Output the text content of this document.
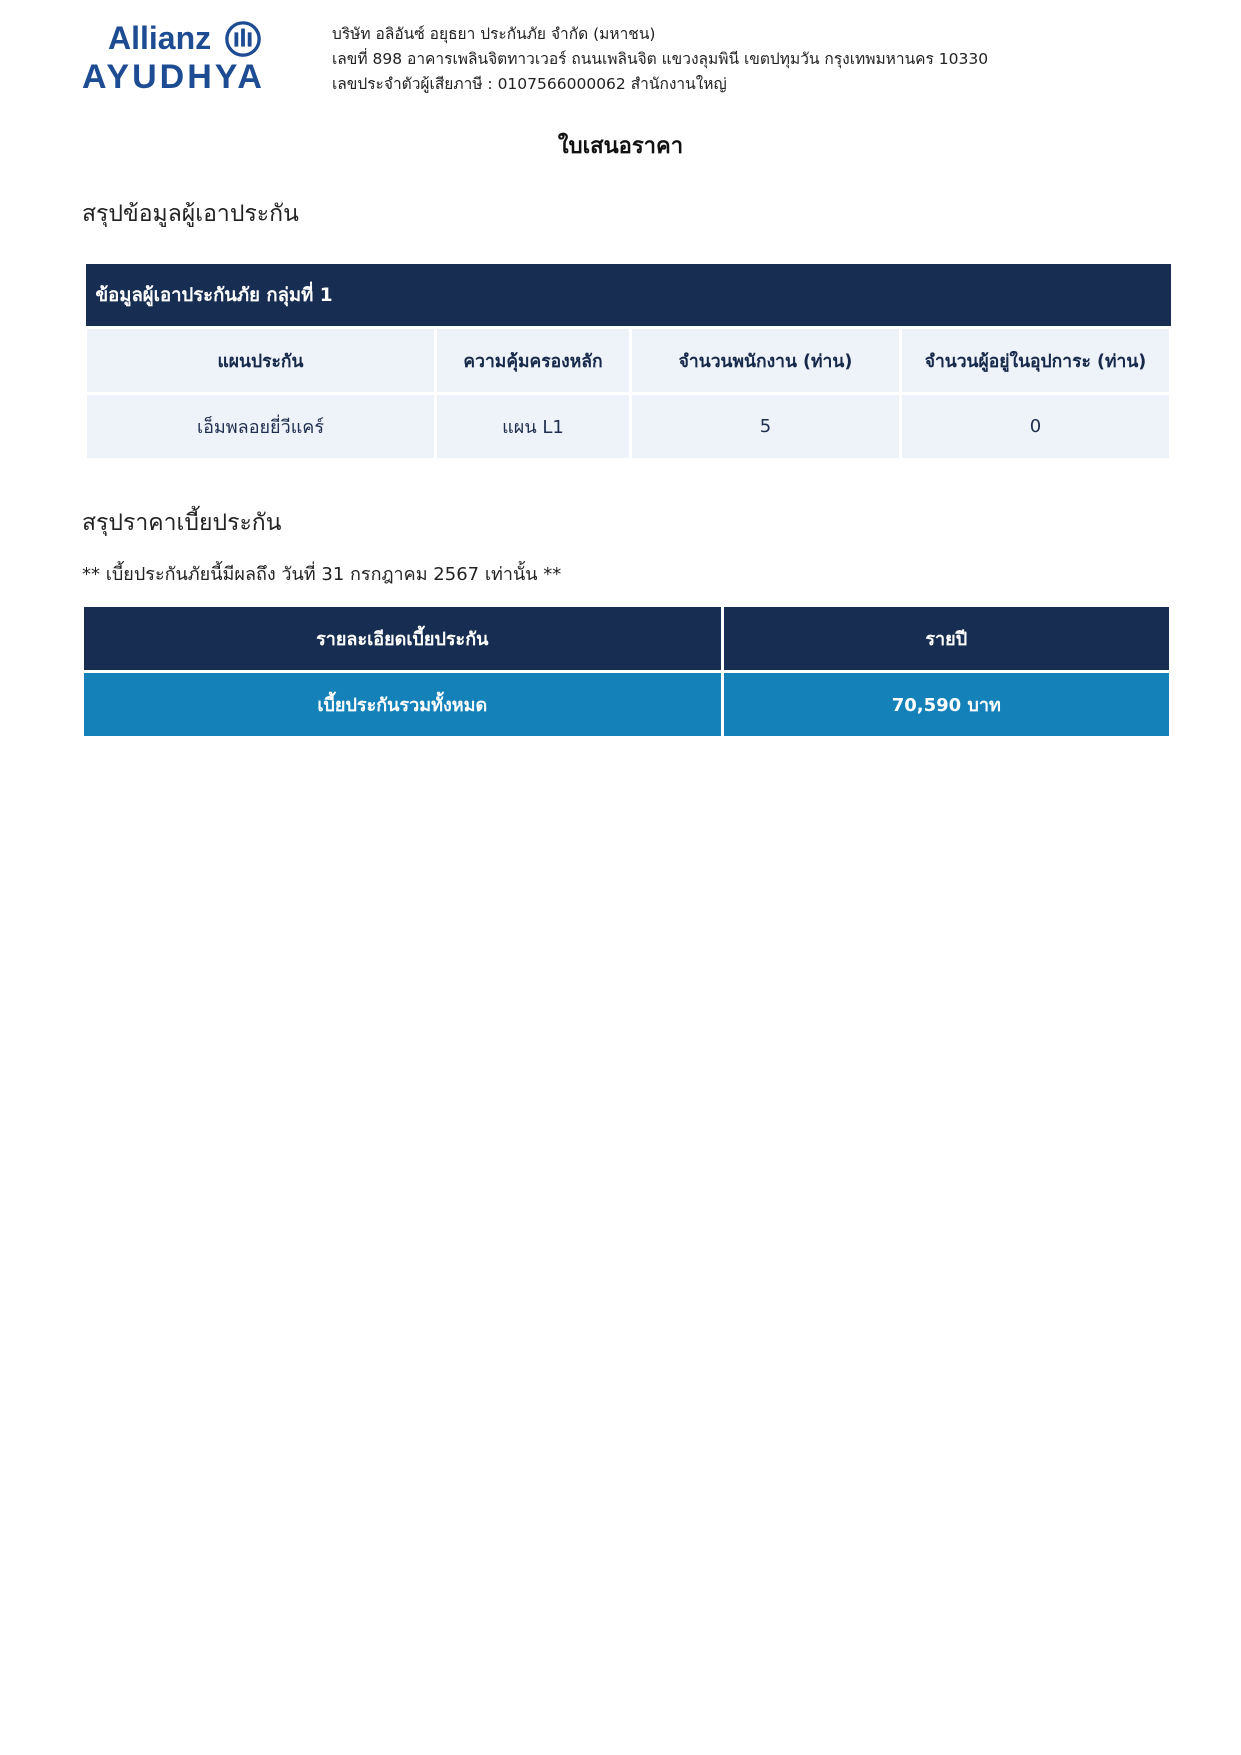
Allianz
AYUDHYA
บริษัท อลิอันซ์ อยุธยา ประกันภัย จำกัด (มหาชน)
เลขที่ 898 อาคารเพลินจิตทาวเวอร์ ถนนเพลินจิต แขวงลุมพินี เขตปทุมวัน กรุงเทพมหานคร 10330
เลขประจำตัวผู้เสียภาษี : 0107566000062 สำนักงานใหญ่
ใบเสนอราคา
สรุปข้อมูลผู้เอาประกัน
ข้อมูลผู้เอาประกันภัย กลุ่มที่ 1			
แผนประกัน	ความคุ้มครองหลัก	จำนวนพนักงาน (ท่าน)	จำนวนผู้อยู่ในอุปการะ (ท่าน)
เอ็มพลอยยี่วีแคร์	แผน L1	5	0
สรุปราคาเบี้ยประกัน
** เบี้ยประกันภัยนี้มีผลถึง วันที่ 31 กรกฎาคม 2567 เท่านั้น **
รายละเอียดเบี้ยประกัน	รายปี
เบี้ยประกันรวมทั้งหมด	70,590 บาท
